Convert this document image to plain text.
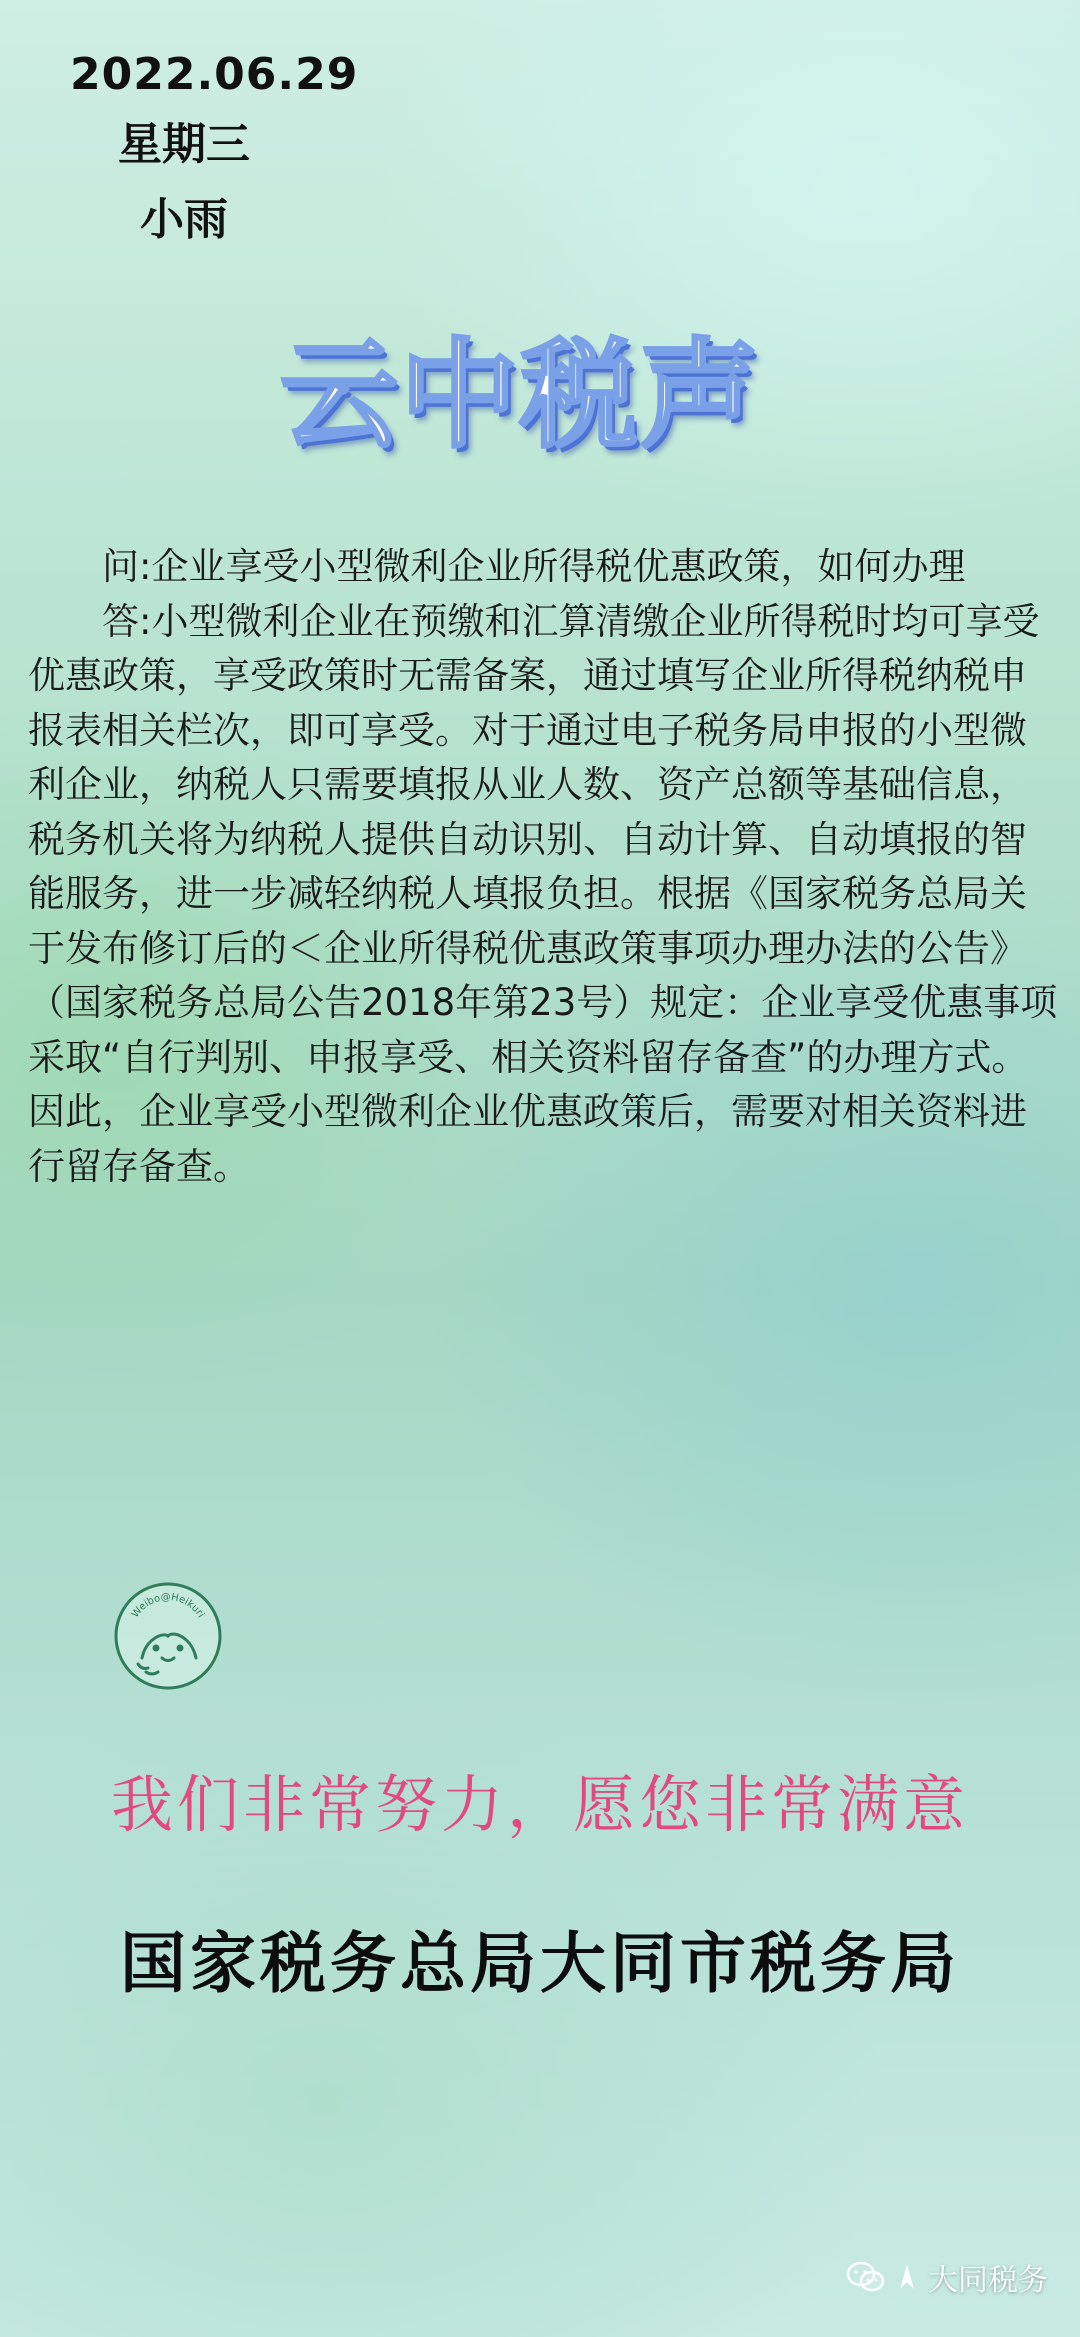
2022.06.29
星期三
小雨
云中税声

问:企业享受小型微利企业所得税优惠政策，如何办理

答:小型微利企业在预缴和汇算清缴企业所得税时均可享受优惠政策，享受政策时无需备案，通过填写企业所得税纳税申报表相关栏次，即可享受。对于通过电子税务局申报的小型微利企业，纳税人只需要填报从业人数、资产总额等基础信息，税务机关将为纳税人提供自动识别、自动计算、自动填报的智能服务，进一步减轻纳税人填报负担。根据《国家税务总局关于发布修订后的＜企业所得税优惠政策事项办理办法的公告》（国家税务总局公告2018年第23号）规定：企业享受优惠事项采取“自行判别、申报享受、相关资料留存备查”的办理方式。因此，企业享受小型微利企业优惠政策后，需要对相关资料进行留存备查。

Weibo@Heikuri
我们非常努力，愿您非常满意
国家税务总局大同市税务局
大同税务
